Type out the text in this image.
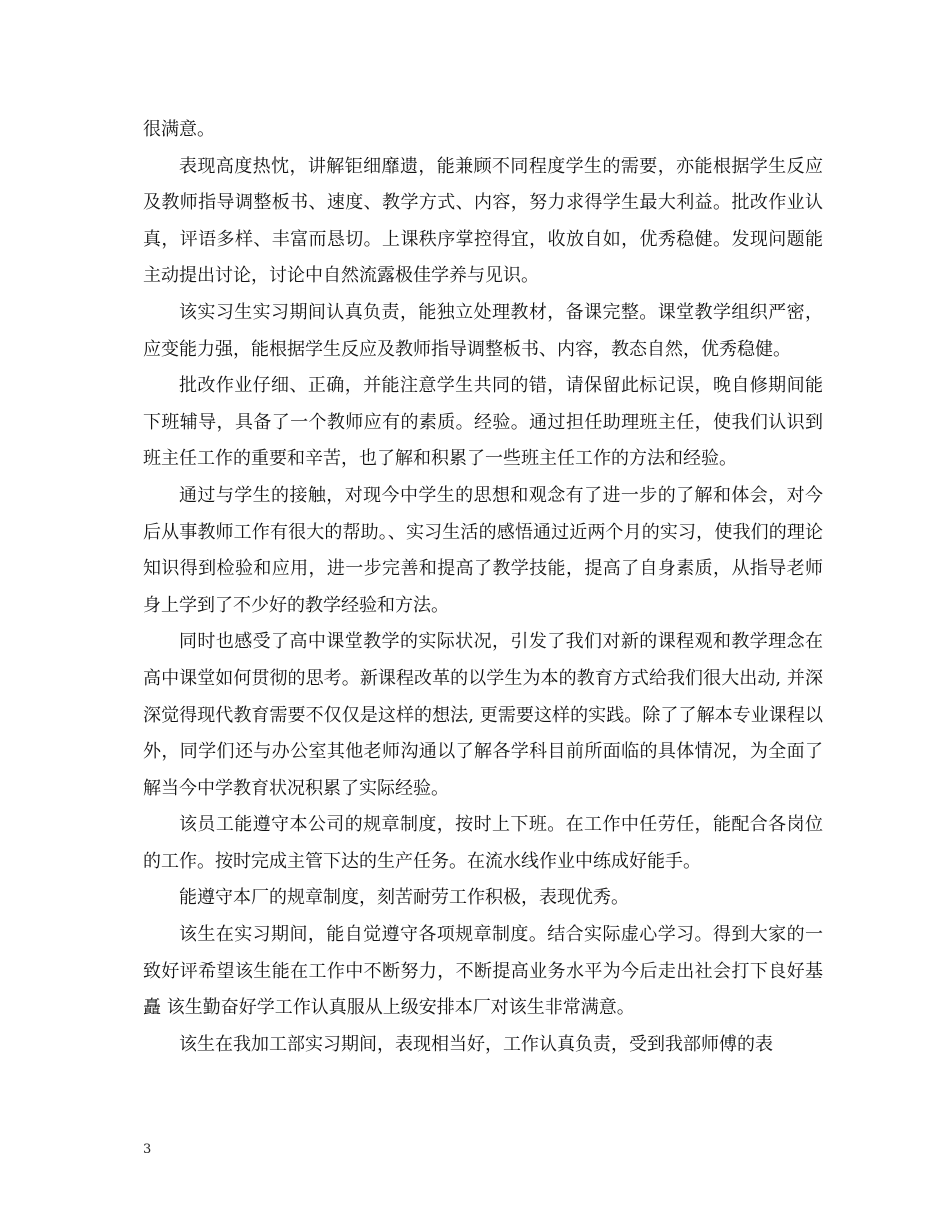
很满意。

表现高度热忱，讲解钜细靡遗，能兼顾不同程度学生的需要，亦能根据学生反应及教师指导调整板书、速度、教学方式、内容，努力求得学生最大利益。批改作业认真，评语多样、丰富而恳切。上课秩序掌控得宜，收放自如，优秀稳健。发现问题能主动提出讨论，讨论中自然流露极佳学养与见识。

该实习生实习期间认真负责，能独立处理教材，备课完整。课堂教学组织严密，应变能力强，能根据学生反应及教师指导调整板书、内容，教态自然，优秀稳健。

批改作业仔细、正确，并能注意学生共同的错，请保留此标记误，晚自修期间能下班辅导，具备了一个教师应有的素质。经验。通过担任助理班主任，使我们认识到班主任工作的重要和辛苦，也了解和积累了一些班主任工作的方法和经验。

通过与学生的接触，对现今中学生的思想和观念有了进一步的了解和体会，对今后从事教师工作有很大的帮助。、实习生活的感悟通过近两个月的实习，使我们的理论知识得到检验和应用，进一步完善和提高了教学技能，提高了自身素质，从指导老师身上学到了不少好的教学经验和方法。

同时也感受了高中课堂教学的实际状况，引发了我们对新的课程观和教学理念在高中课堂如何贯彻的思考。新课程改革的以学生为本的教育方式给我们很大出动, 并深深觉得现代教育需要不仅仅是这样的想法, 更需要这样的实践。除了了解本专业课程以外，同学们还与办公室其他老师沟通以了解各学科目前所面临的具体情况，为全面了解当今中学教育状况积累了实际经验。

该员工能遵守本公司的规章制度，按时上下班。在工作中任劳任，能配合各岗位的工作。按时完成主管下达的生产任务。在流水线作业中练成好能手。

能遵守本厂的规章制度，刻苦耐劳工作积极，表现优秀。

该生在实习期间，能自觉遵守各项规章制度。结合实际虚心学习。得到大家的一致好评希望该生能在工作中不断努力，不断提高业务水平为今后走出社会打下良好基矗 该生勤奋好学工作认真服从上级安排本厂对该生非常满意。

该生在我加工部实习期间，表现相当好，工作认真负责，受到我部师傅的表

3
